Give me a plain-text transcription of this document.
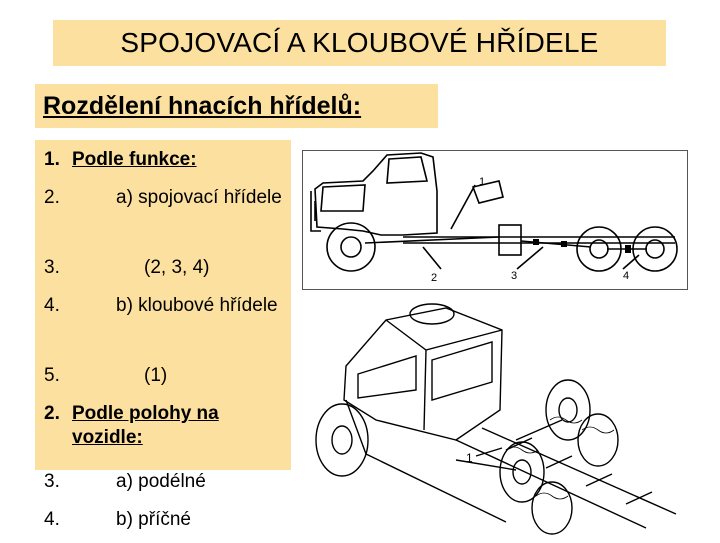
SPOJOVACÍ A KLOUBOVÉ HŘÍDELE
Rozdělení hnacích hřídelů:
1. Podle funkce:
2.	a) spojovací hřídele
3.	(2, 3, 4)
4.	b) kloubové hřídele
5.	(1)
2. Podle polohy na vozidle:
3.	a) podélné
4.	b) příčné
1
2	3	4
1
